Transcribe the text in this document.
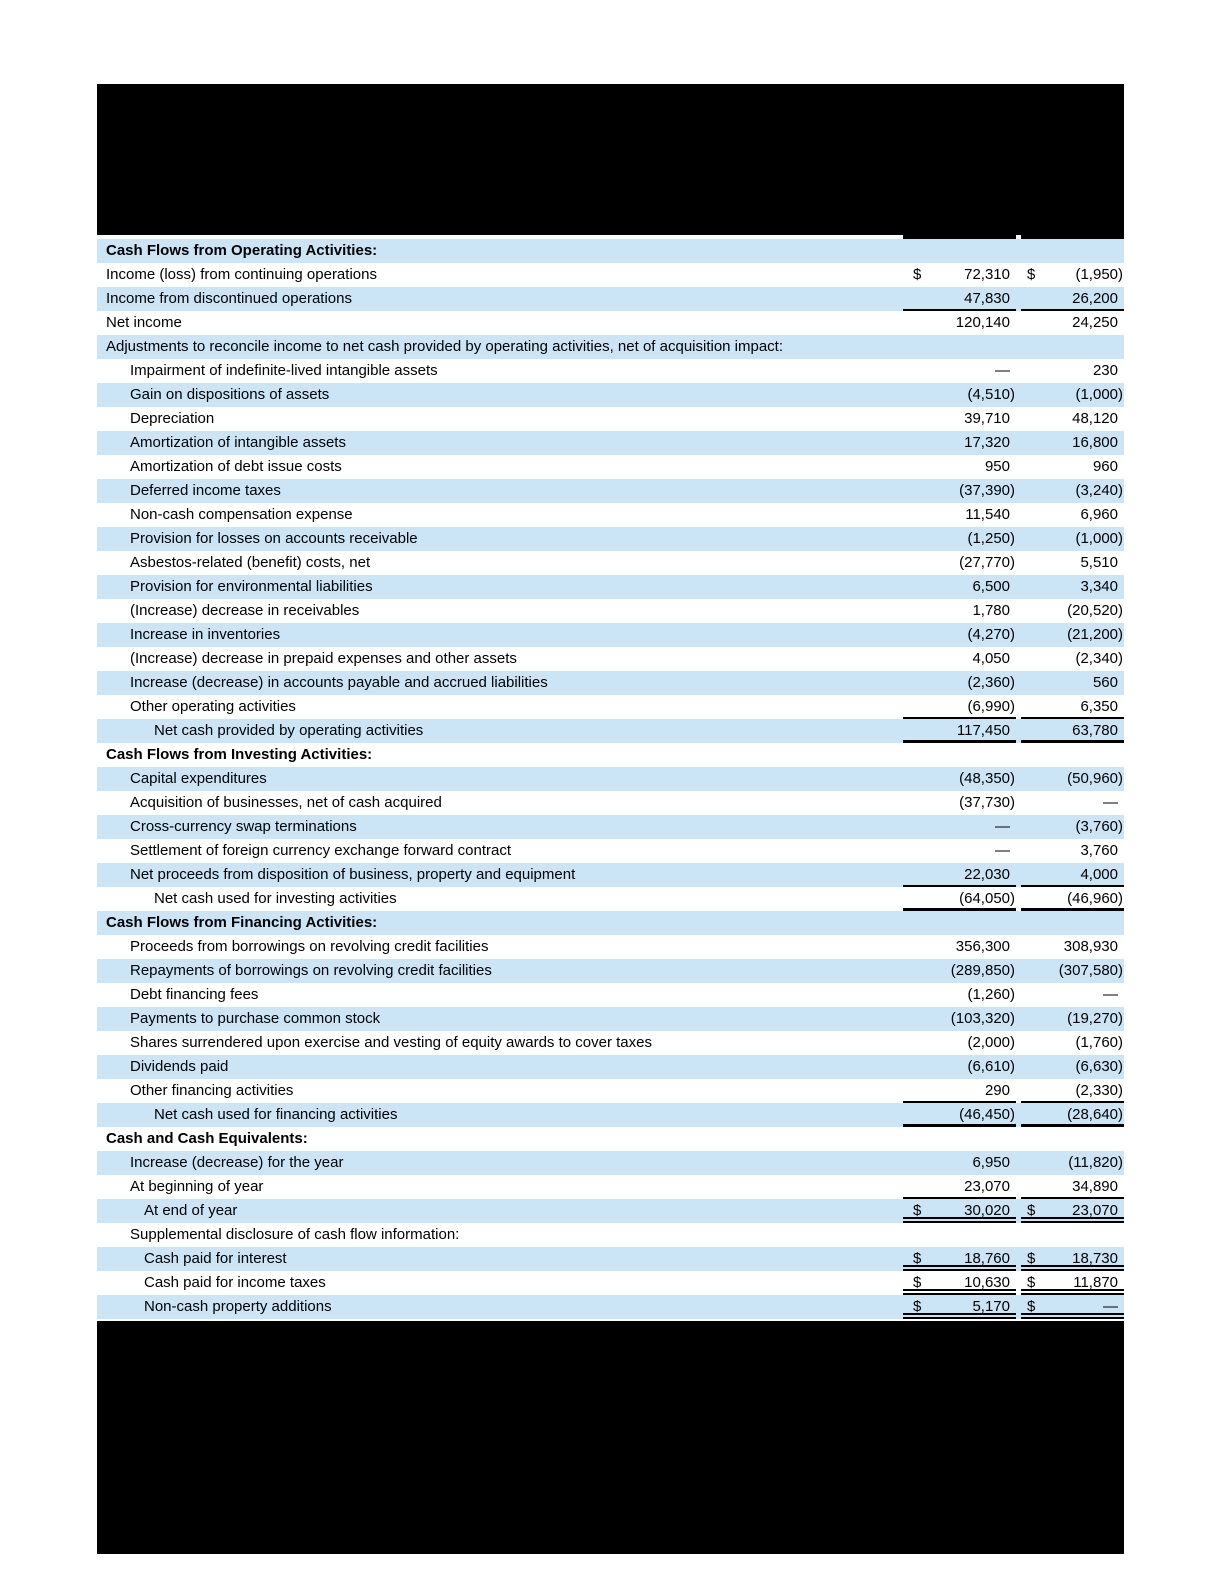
Cash Flows from Operating Activities:
Income (loss) from continuing operations	$	72,310	$	(1,950)
Income from discontinued operations	47,830	26,200
Net income	120,140	24,250
Adjustments to reconcile income to net cash provided by operating activities, net of acquisition impact:
Impairment of indefinite-lived intangible assets	—	230
Gain on dispositions of assets	(4,510)	(1,000)
Depreciation	39,710	48,120
Amortization of intangible assets	17,320	16,800
Amortization of debt issue costs	950	960
Deferred income taxes	(37,390)	(3,240)
Non-cash compensation expense	11,540	6,960
Provision for losses on accounts receivable	(1,250)	(1,000)
Asbestos-related (benefit) costs, net	(27,770)	5,510
Provision for environmental liabilities	6,500	3,340
(Increase) decrease in receivables	1,780	(20,520)
Increase in inventories	(4,270)	(21,200)
(Increase) decrease in prepaid expenses and other assets	4,050	(2,340)
Increase (decrease) in accounts payable and accrued liabilities	(2,360)	560
Other operating activities	(6,990)	6,350
Net cash provided by operating activities	117,450	63,780
Cash Flows from Investing Activities:
Capital expenditures	(48,350)	(50,960)
Acquisition of businesses, net of cash acquired	(37,730)	—
Cross-currency swap terminations	—	(3,760)
Settlement of foreign currency exchange forward contract	—	3,760
Net proceeds from disposition of business, property and equipment	22,030	4,000
Net cash used for investing activities	(64,050)	(46,960)
Cash Flows from Financing Activities:
Proceeds from borrowings on revolving credit facilities	356,300	308,930
Repayments of borrowings on revolving credit facilities	(289,850)	(307,580)
Debt financing fees	(1,260)	—
Payments to purchase common stock	(103,320)	(19,270)
Shares surrendered upon exercise and vesting of equity awards to cover taxes	(2,000)	(1,760)
Dividends paid	(6,610)	(6,630)
Other financing activities	290	(2,330)
Net cash used for financing activities	(46,450)	(28,640)
Cash and Cash Equivalents:
Increase (decrease) for the year	6,950	(11,820)
At beginning of year	23,070	34,890
At end of year	$	30,020	$	23,070
Supplemental disclosure of cash flow information:
Cash paid for interest	$	18,760	$	18,730
Cash paid for income taxes	$	10,630	$	11,870
Non-cash property additions	$	5,170	$	—
